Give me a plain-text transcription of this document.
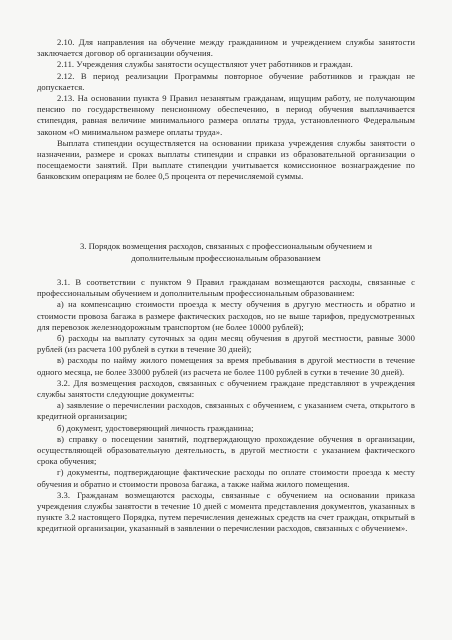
2.10. Для направления на обучение между гражданином и учреждением службы занятости заключается договор об организации обучения.

2.11. Учреждения службы занятости осуществляют учет работников и граждан.

2.12. В период реализации Программы повторное обучение работников и граждан не допускается.

2.13. На основании пункта 9 Правил незанятым гражданам, ищущим работу, не получающим пенсию по государственному пенсионному обеспечению, в период обучения выплачивается стипендия, равная величине минимального размера оплаты труда, установленного Федеральным законом «О минимальном размере оплаты труда».

Выплата стипендии осуществляется на основании приказа учреждения службы занятости о назначении, размере и сроках выплаты стипендии и справки из образовательной организации о посещаемости занятий. При выплате стипендии учитывается комиссионное вознаграждение по банковским операциям не более 0,5 процента от перечисляемой суммы.

3. Порядок возмещения расходов, связанных с профессиональным обучением и

дополнительным профессиональным образованием

3.1. В соответствии с пунктом 9 Правил гражданам возмещаются расходы, связанные с профессиональным обучением и дополнительным профессиональным образованием:

а) на компенсацию стоимости проезда к месту обучения в другую местность и обратно и стоимости провоза багажа в размере фактических расходов, но не выше тарифов, предусмотренных для перевозок железнодорожным транспортом (не более 10000 рублей);

б) расходы на выплату суточных за один месяц обучения в другой местности, равные 3000 рублей (из расчета 100 рублей в сутки в течение 30 дней);

в) расходы по найму жилого помещения за время пребывания в другой местности в течение одного месяца, не более 33000 рублей (из расчета не более 1100 рублей в сутки в течение 30 дней).

3.2. Для возмещения расходов, связанных с обучением граждане представляют в учреждения службы занятости следующие документы:

а) заявление о перечислении расходов, связанных с обучением, с указанием счета, открытого в кредитной организации;

б) документ, удостоверяющий личность гражданина;

в) справку о посещении занятий, подтверждающую прохождение обучения в организации, осуществляющей образовательную деятельность, в другой местности с указанием фактического срока обучения;

г) документы, подтверждающие фактические расходы по оплате стоимости проезда к месту обучения и обратно и стоимости провоза багажа, а также найма жилого помещения.

3.3. Гражданам возмещаются расходы, связанные с обучением на основании приказа учреждения службы занятости в течение 10 дней с момента представления документов, указанных в пункте 3.2 настоящего Порядка, путем перечисления денежных средств на счет граждан, открытый в кредитной организации, указанный в заявлении о перечислении расходов, связанных с обучением».
